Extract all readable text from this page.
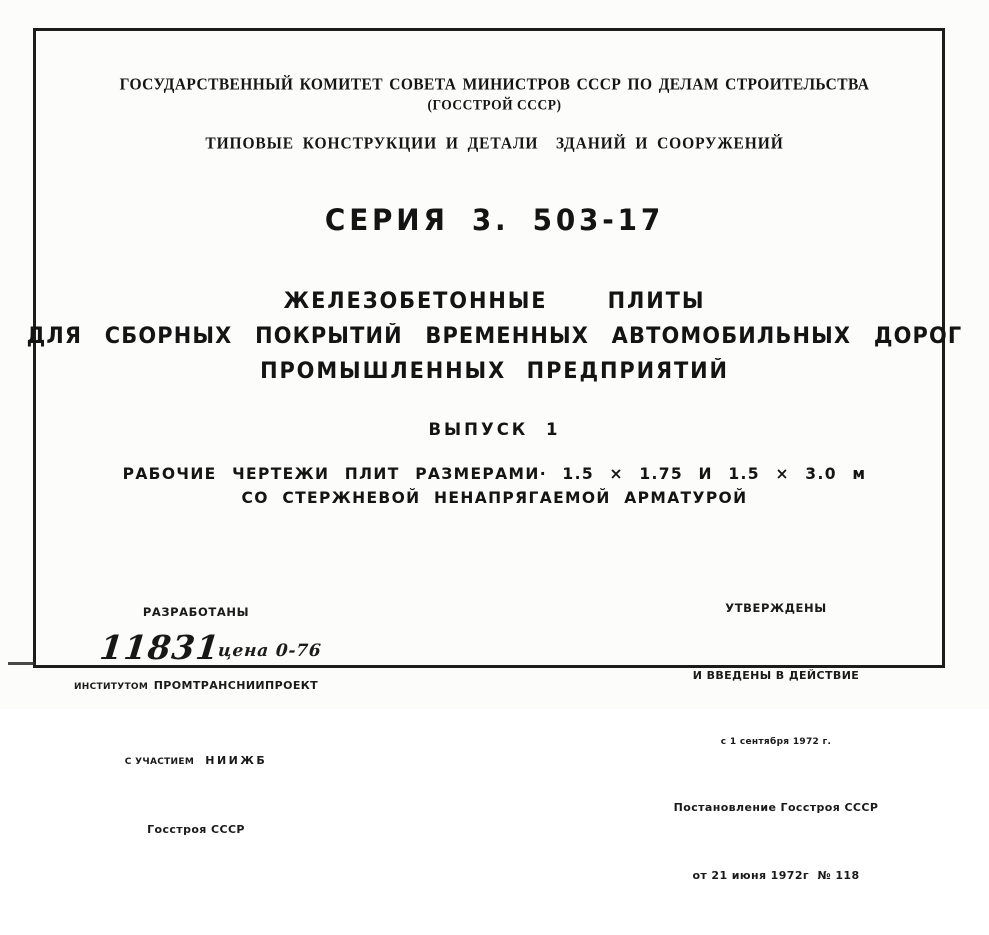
ГОСУДАРСТВЕННЫЙ КОМИТЕТ СОВЕТА МИНИСТРОВ СССР ПО ДЕЛАМ СТРОИТЕЛЬСТВА
(ГОССТРОЙ СССР)
ТИПОВЫЕ КОНСТРУКЦИИ И ДЕТАЛИ  ЗДАНИЙ И СООРУЖЕНИЙ
СЕРИЯ 3. 503-17
ЖЕЛЕЗОБЕТОННЫЕ  ПЛИТЫ
ДЛЯ СБОРНЫХ ПОКРЫТИЙ ВРЕМЕННЫХ АВТОМОБИЛЬНЫХ ДОРОГ
ПРОМЫШЛЕННЫХ ПРЕДПРИЯТИЙ
ВЫПУСК 1
РАБОЧИЕ ЧЕРТЕЖИ ПЛИТ РАЗМЕРАМИ· 1.5 × 1.75 И 1.5 × 3.0 м
СО СТЕРЖНЕВОЙ НЕНАПРЯГАЕМОЙ АРМАТУРОЙ

РАЗРАБОТАНЫ

ИНСТИТУТОМ ПРОМТРАНСНИИПРОЕКТ

С УЧАСТИЕМ НИИЖБ

Госстроя СССР

УТВЕРЖДЕНЫ

И ВВЕДЕНЫ В ДЕЙСТВИЕ

с 1 сентября 1972 г.

Постановление Госстроя СССР

от 21 июня 1972г  № 118

11831
цена 0-76
